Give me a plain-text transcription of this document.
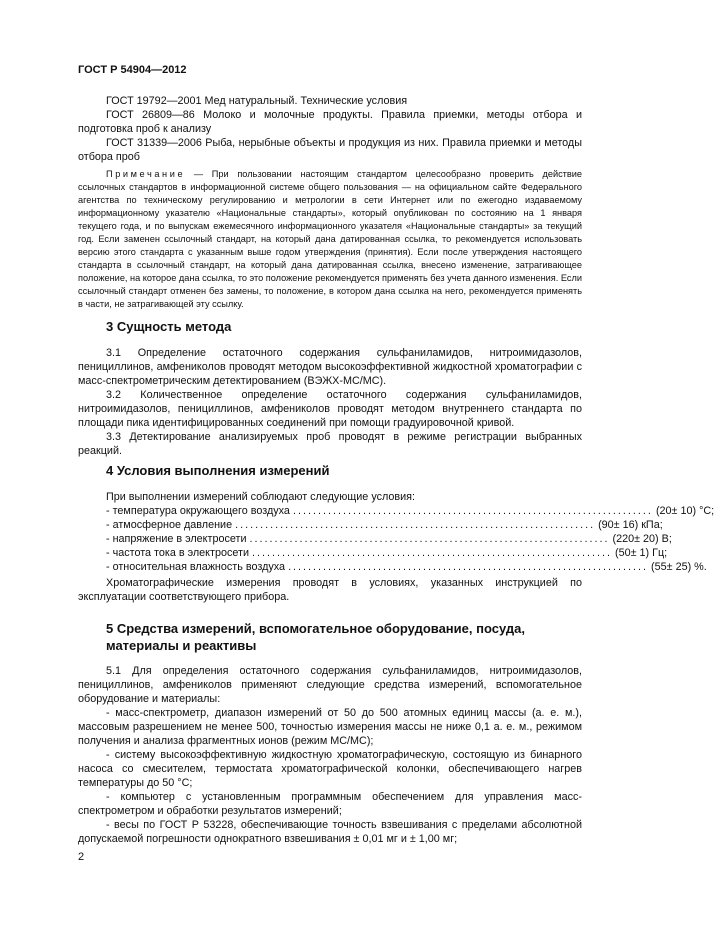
ГОСТ Р 54904—2012
ГОСТ 19792—2001 Мед натуральный. Технические условия
ГОСТ 26809—86 Молоко и молочные продукты. Правила приемки, методы отбора и подготовка проб к анализу
ГОСТ 31339—2006 Рыба, нерыбные объекты и продукция из них. Правила приемки и методы отбора проб
Примечание — При пользовании настоящим стандартом целесообразно проверить действие ссылочных стандартов в информационной системе общего пользования — на официальном сайте Федерального агентства по техническому регулированию и метрологии в сети Интернет или по ежегодно издаваемому информационному указателю «Национальные стандарты», который опубликован по состоянию на 1 января текущего года, и по выпускам ежемесячного информационного указателя «Национальные стандарты» за текущий год. Если заменен ссылочный стандарт, на который дана датированная ссылка, то рекомендуется использовать версию этого стандарта с указанным выше годом утверждения (принятия). Если после утверждения настоящего стандарта в ссылочный стандарт, на который дана датированная ссылка, внесено изменение, затрагивающее положение, на которое дана ссылка, то это положение рекомендуется применять без учета данного изменения. Если ссылочный стандарт отменен без замены, то положение, в котором дана ссылка на него, рекомендуется применять в части, не затрагивающей эту ссылку.
3 Сущность метода
3.1 Определение остаточного содержания сульфаниламидов, нитроимидазолов, пенициллинов, амфениколов проводят методом высокоэффективной жидкостной хроматографии с масс-спектрометрическим детектированием (ВЭЖХ-МС/МС).
3.2 Количественное определение остаточного содержания сульфаниламидов, нитроимидазолов, пенициллинов, амфениколов проводят методом внутреннего стандарта по площади пика идентифицированных соединений при помощи градуировочной кривой.
3.3 Детектирование анализируемых проб проводят в режиме регистрации выбранных реакций.
4 Условия выполнения измерений
При выполнении измерений соблюдают следующие условия:
- температура окружающего воздуха ........................................................................ (20± 10) °С;
- атмосферное давление ........................................................................ (90± 16) кПа;
- напряжение в электросети ........................................................................ (220± 20) В;
- частота тока в электросети ........................................................................ (50± 1) Гц;
- относительная влажность воздуха ........................................................................ (55± 25) %.
Хроматографические измерения проводят в условиях, указанных инструкцией по эксплуатации соответствующего прибора.
5 Средства измерений, вспомогательное оборудование, посуда, материалы и реактивы
5.1 Для определения остаточного содержания сульфаниламидов, нитроимидазолов, пенициллинов, амфениколов применяют следующие средства измерений, вспомогательное оборудование и материалы:
- масс-спектрометр, диапазон измерений от 50 до 500 атомных единиц массы (а. е. м.), массовым разрешением не менее 500, точностью измерения массы не ниже 0,1 а. е. м., режимом получения и анализа фрагментных ионов (режим МС/МС);
- систему высокоэффективную жидкостную хроматографическую, состоящую из бинарного насоса со смесителем, термостата хроматографической колонки, обеспечивающего нагрев температуры до 50 °С;
- компьютер с установленным программным обеспечением для управления масс-спектрометром и обработки результатов измерений;
- весы по ГОСТ Р 53228, обеспечивающие точность взвешивания с пределами абсолютной допускаемой погрешности однократного взвешивания ± 0,01 мг и ± 1,00 мг;
2
